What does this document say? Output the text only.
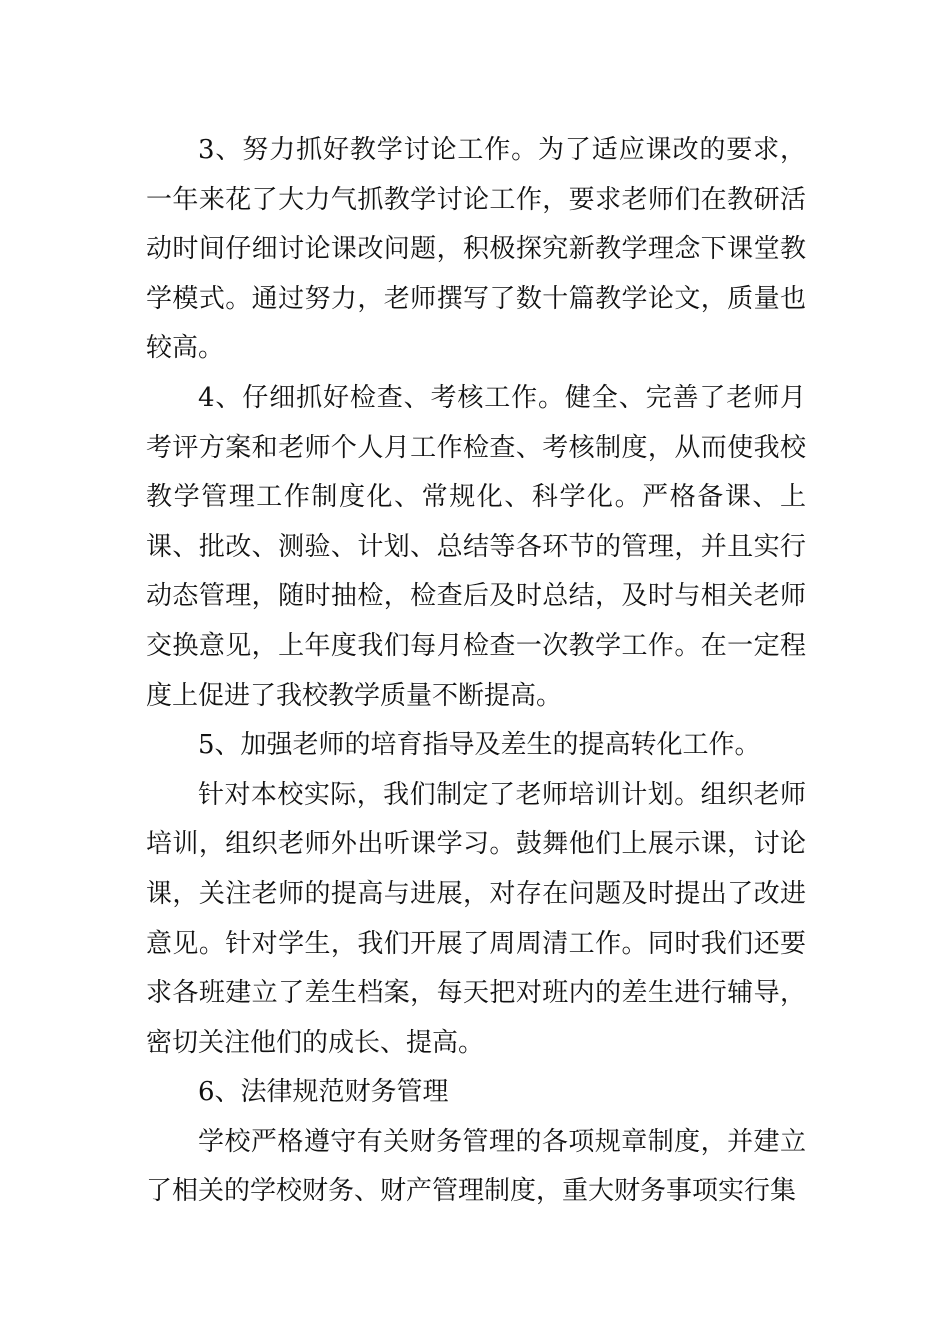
3、努力抓好教学讨论工作。为了适应课改的要求，一年来花了大力气抓教学讨论工作，要求老师们在教研活动时间仔细讨论课改问题，积极探究新教学理念下课堂教学模式。通过努力，老师撰写了数十篇教学论文，质量也较高。

4、仔细抓好检查、考核工作。健全、完善了老师月考评方案和老师个人月工作检查、考核制度，从而使我校教学管理工作制度化、常规化、科学化。严格备课、上课、批改、测验、计划、总结等各环节的管理，并且实行动态管理，随时抽检，检查后及时总结，及时与相关老师交换意见，上年度我们每月检查一次教学工作。在一定程度上促进了我校教学质量不断提高。

5、加强老师的培育指导及差生的提高转化工作。

针对本校实际，我们制定了老师培训计划。组织老师培训，组织老师外出听课学习。鼓舞他们上展示课，讨论课，关注老师的提高与进展，对存在问题及时提出了改进意见。针对学生，我们开展了周周清工作。同时我们还要求各班建立了差生档案，每天把对班内的差生进行辅导，密切关注他们的成长、提高。

6、法律规范财务管理

学校严格遵守有关财务管理的各项规章制度，并建立了相关的学校财务、财产管理制度，重大财务事项实行集
